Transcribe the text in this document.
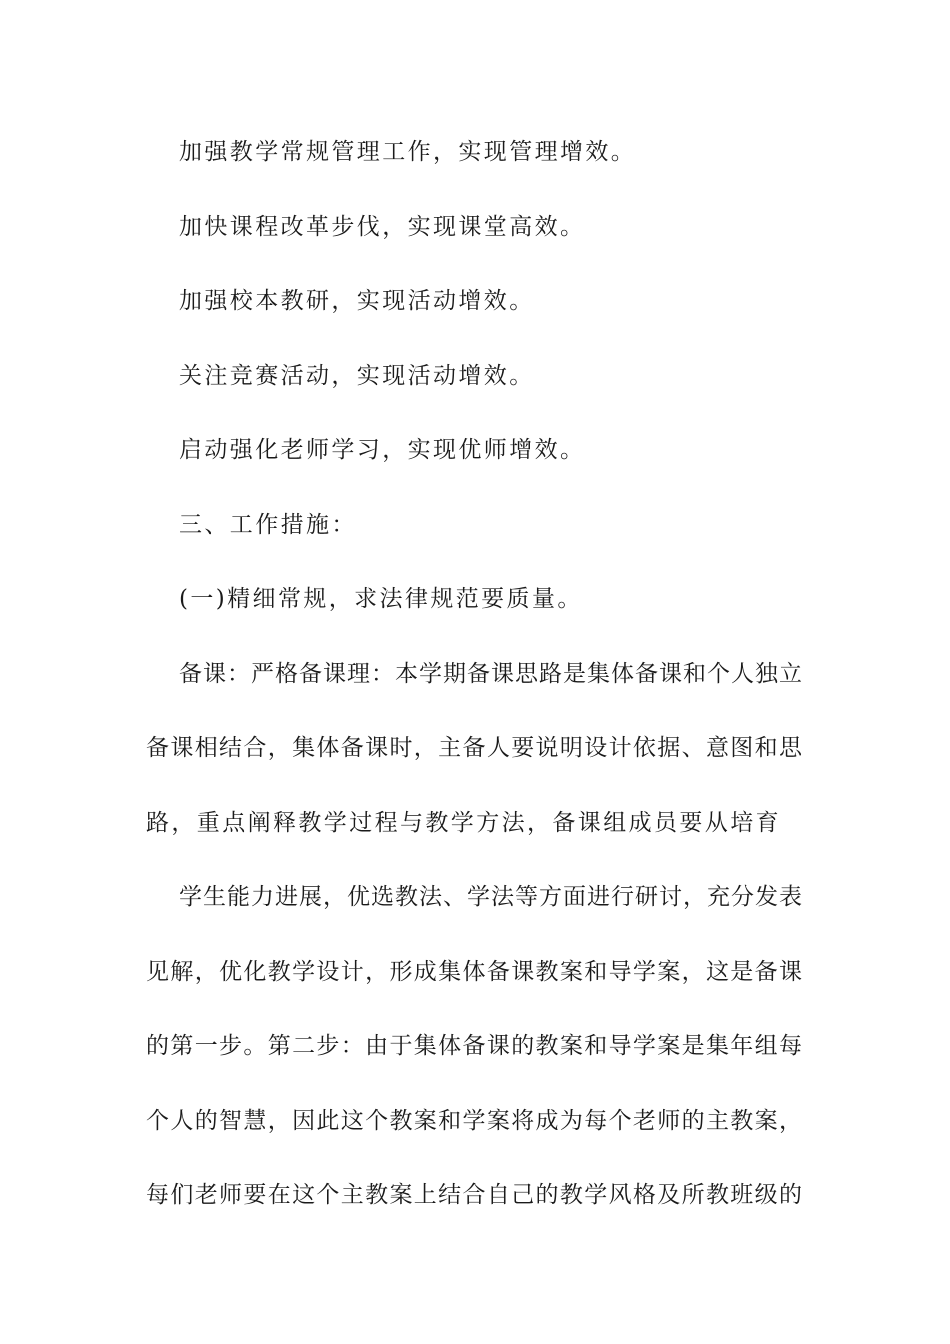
加强教学常规管理工作，实现管理增效。
加快课程改革步伐，实现课堂高效。
加强校本教研，实现活动增效。
关注竞赛活动，实现活动增效。
启动强化老师学习，实现优师增效。
三、工作措施：
(一)精细常规，求法律规范要质量。
备课：严格备课理：本学期备课思路是集体备课和个人独立
备课相结合，集体备课时，主备人要说明设计依据、意图和思
路，重点阐释教学过程与教学方法，备课组成员要从培育
学生能力进展，优选教法、学法等方面进行研讨，充分发表
见解，优化教学设计，形成集体备课教案和导学案，这是备课
的第一步。第二步：由于集体备课的教案和导学案是集年组每
个人的智慧，因此这个教案和学案将成为每个老师的主教案，
每们老师要在这个主教案上结合自己的教学风格及所教班级的
